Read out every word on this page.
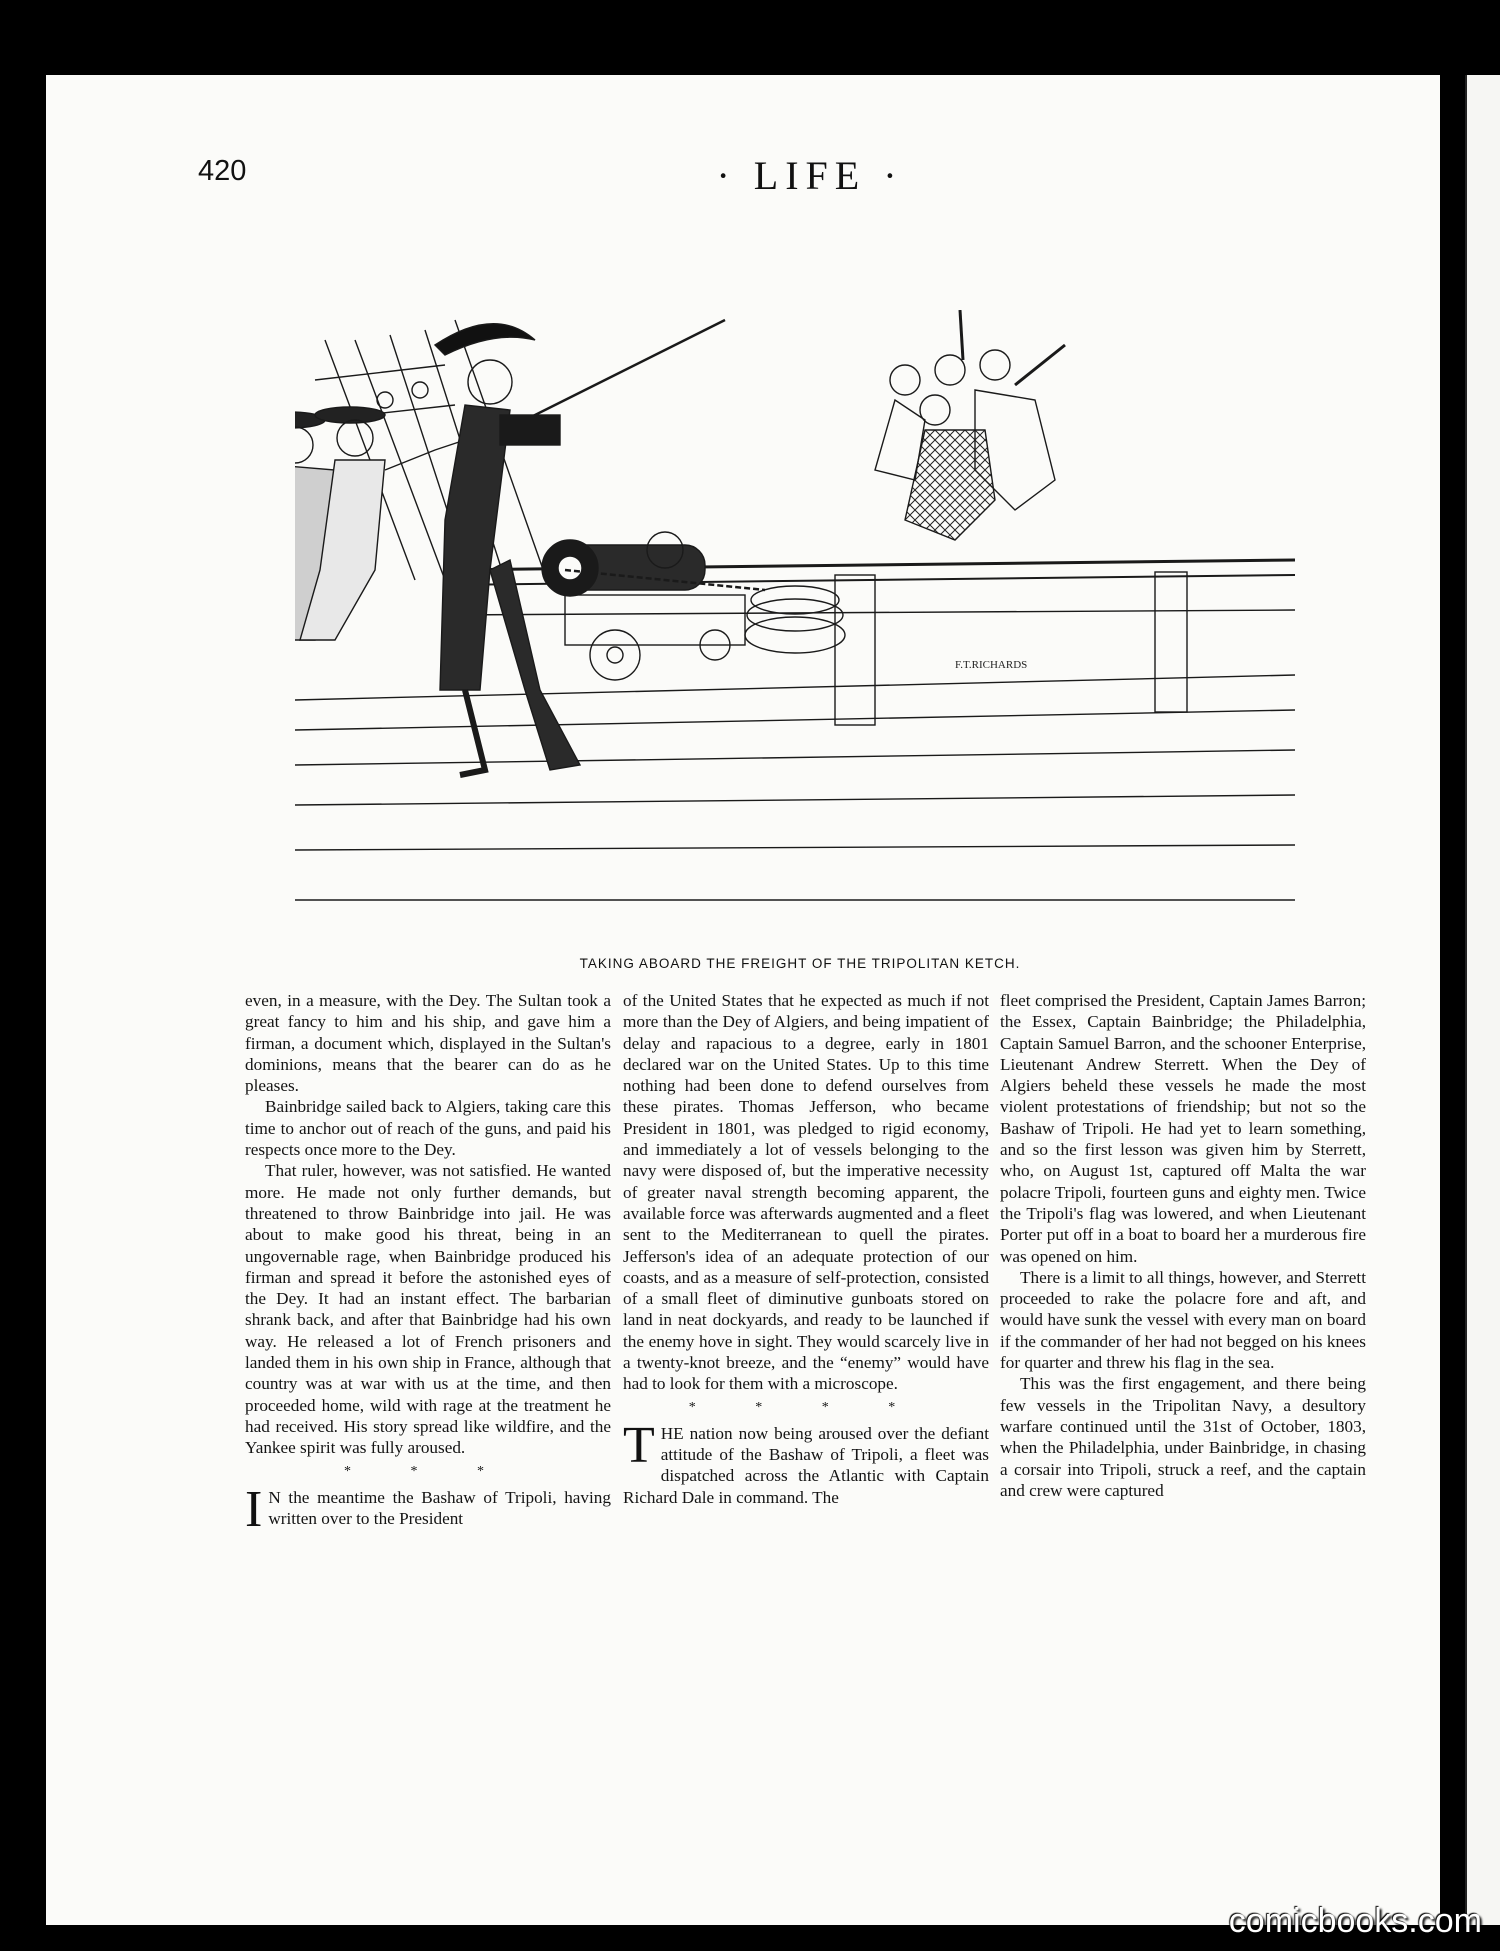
420	· LIFE ·
F.T.RICHARDS
TAKING ABOARD THE FREIGHT OF THE TRIPOLITAN KETCH.

even, in a measure, with the Dey. The Sultan took a great fancy to him and his ship, and gave him a firman, a document which, displayed in the Sultan's dominions, means that the bearer can do as he pleases.

Bainbridge sailed back to Algiers, taking care this time to anchor out of reach of the guns, and paid his respects once more to the Dey.

That ruler, however, was not satisfied. He wanted more. He made not only further demands, but threatened to throw Bainbridge into jail. He was about to make good his threat, being in an ungovernable rage, when Bainbridge produced his firman and spread it before the astonished eyes of the Dey. It had an instant effect. The barbarian shrank back, and after that Bainbridge had his own way. He released a lot of French prisoners and landed them in his own ship in France, although that country was at war with us at the time, and then proceeded home, wild with rage at the treatment he had received. His story spread like wildfire, and the Yankee spirit was fully aroused.

* * *

I N the meantime the Bashaw of Tripoli, having written over to the President

of the United States that he expected as much if not more than the Dey of Algiers, and being impatient of delay and rapacious to a degree, early in 1801 declared war on the United States. Up to this time nothing had been done to defend ourselves from these pirates. Thomas Jefferson, who became President in 1801, was pledged to rigid economy, and immediately a lot of vessels belonging to the navy were disposed of, but the imperative necessity of greater naval strength becoming apparent, the available force was afterwards augmented and a fleet sent to the Mediterranean to quell the pirates. Jefferson's idea of an adequate protection of our coasts, and as a measure of self-protection, consisted of a small fleet of diminutive gunboats stored on land in neat dockyards, and ready to be launched if the enemy hove in sight. They would scarcely live in a twenty-knot breeze, and the “enemy” would have had to look for them with a microscope.

* * * *

THE nation now being aroused over the defiant attitude of the Bashaw of Tripoli, a fleet was dispatched across the Atlantic with Captain Richard Dale in command. The

fleet comprised the President, Captain James Barron; the Essex, Captain Bainbridge; the Philadelphia, Captain Samuel Barron, and the schooner Enterprise, Lieutenant Andrew Sterrett. When the Dey of Algiers beheld these vessels he made the most violent protestations of friendship; but not so the Bashaw of Tripoli. He had yet to learn something, and so the first lesson was given him by Sterrett, who, on August 1st, captured off Malta the war polacre Tripoli, fourteen guns and eighty men. Twice the Tripoli's flag was lowered, and when Lieutenant Porter put off in a boat to board her a murderous fire was opened on him.

There is a limit to all things, however, and Sterrett proceeded to rake the polacre fore and aft, and would have sunk the vessel with every man on board if the commander of her had not begged on his knees for quarter and threw his flag in the sea.

This was the first engagement, and there being few vessels in the Tripolitan Navy, a desultory warfare continued until the 31st of October, 1803, when the Philadelphia, under Bainbridge, in chasing a corsair into Tripoli, struck a reef, and the captain and crew were captured

comicbooks.com
